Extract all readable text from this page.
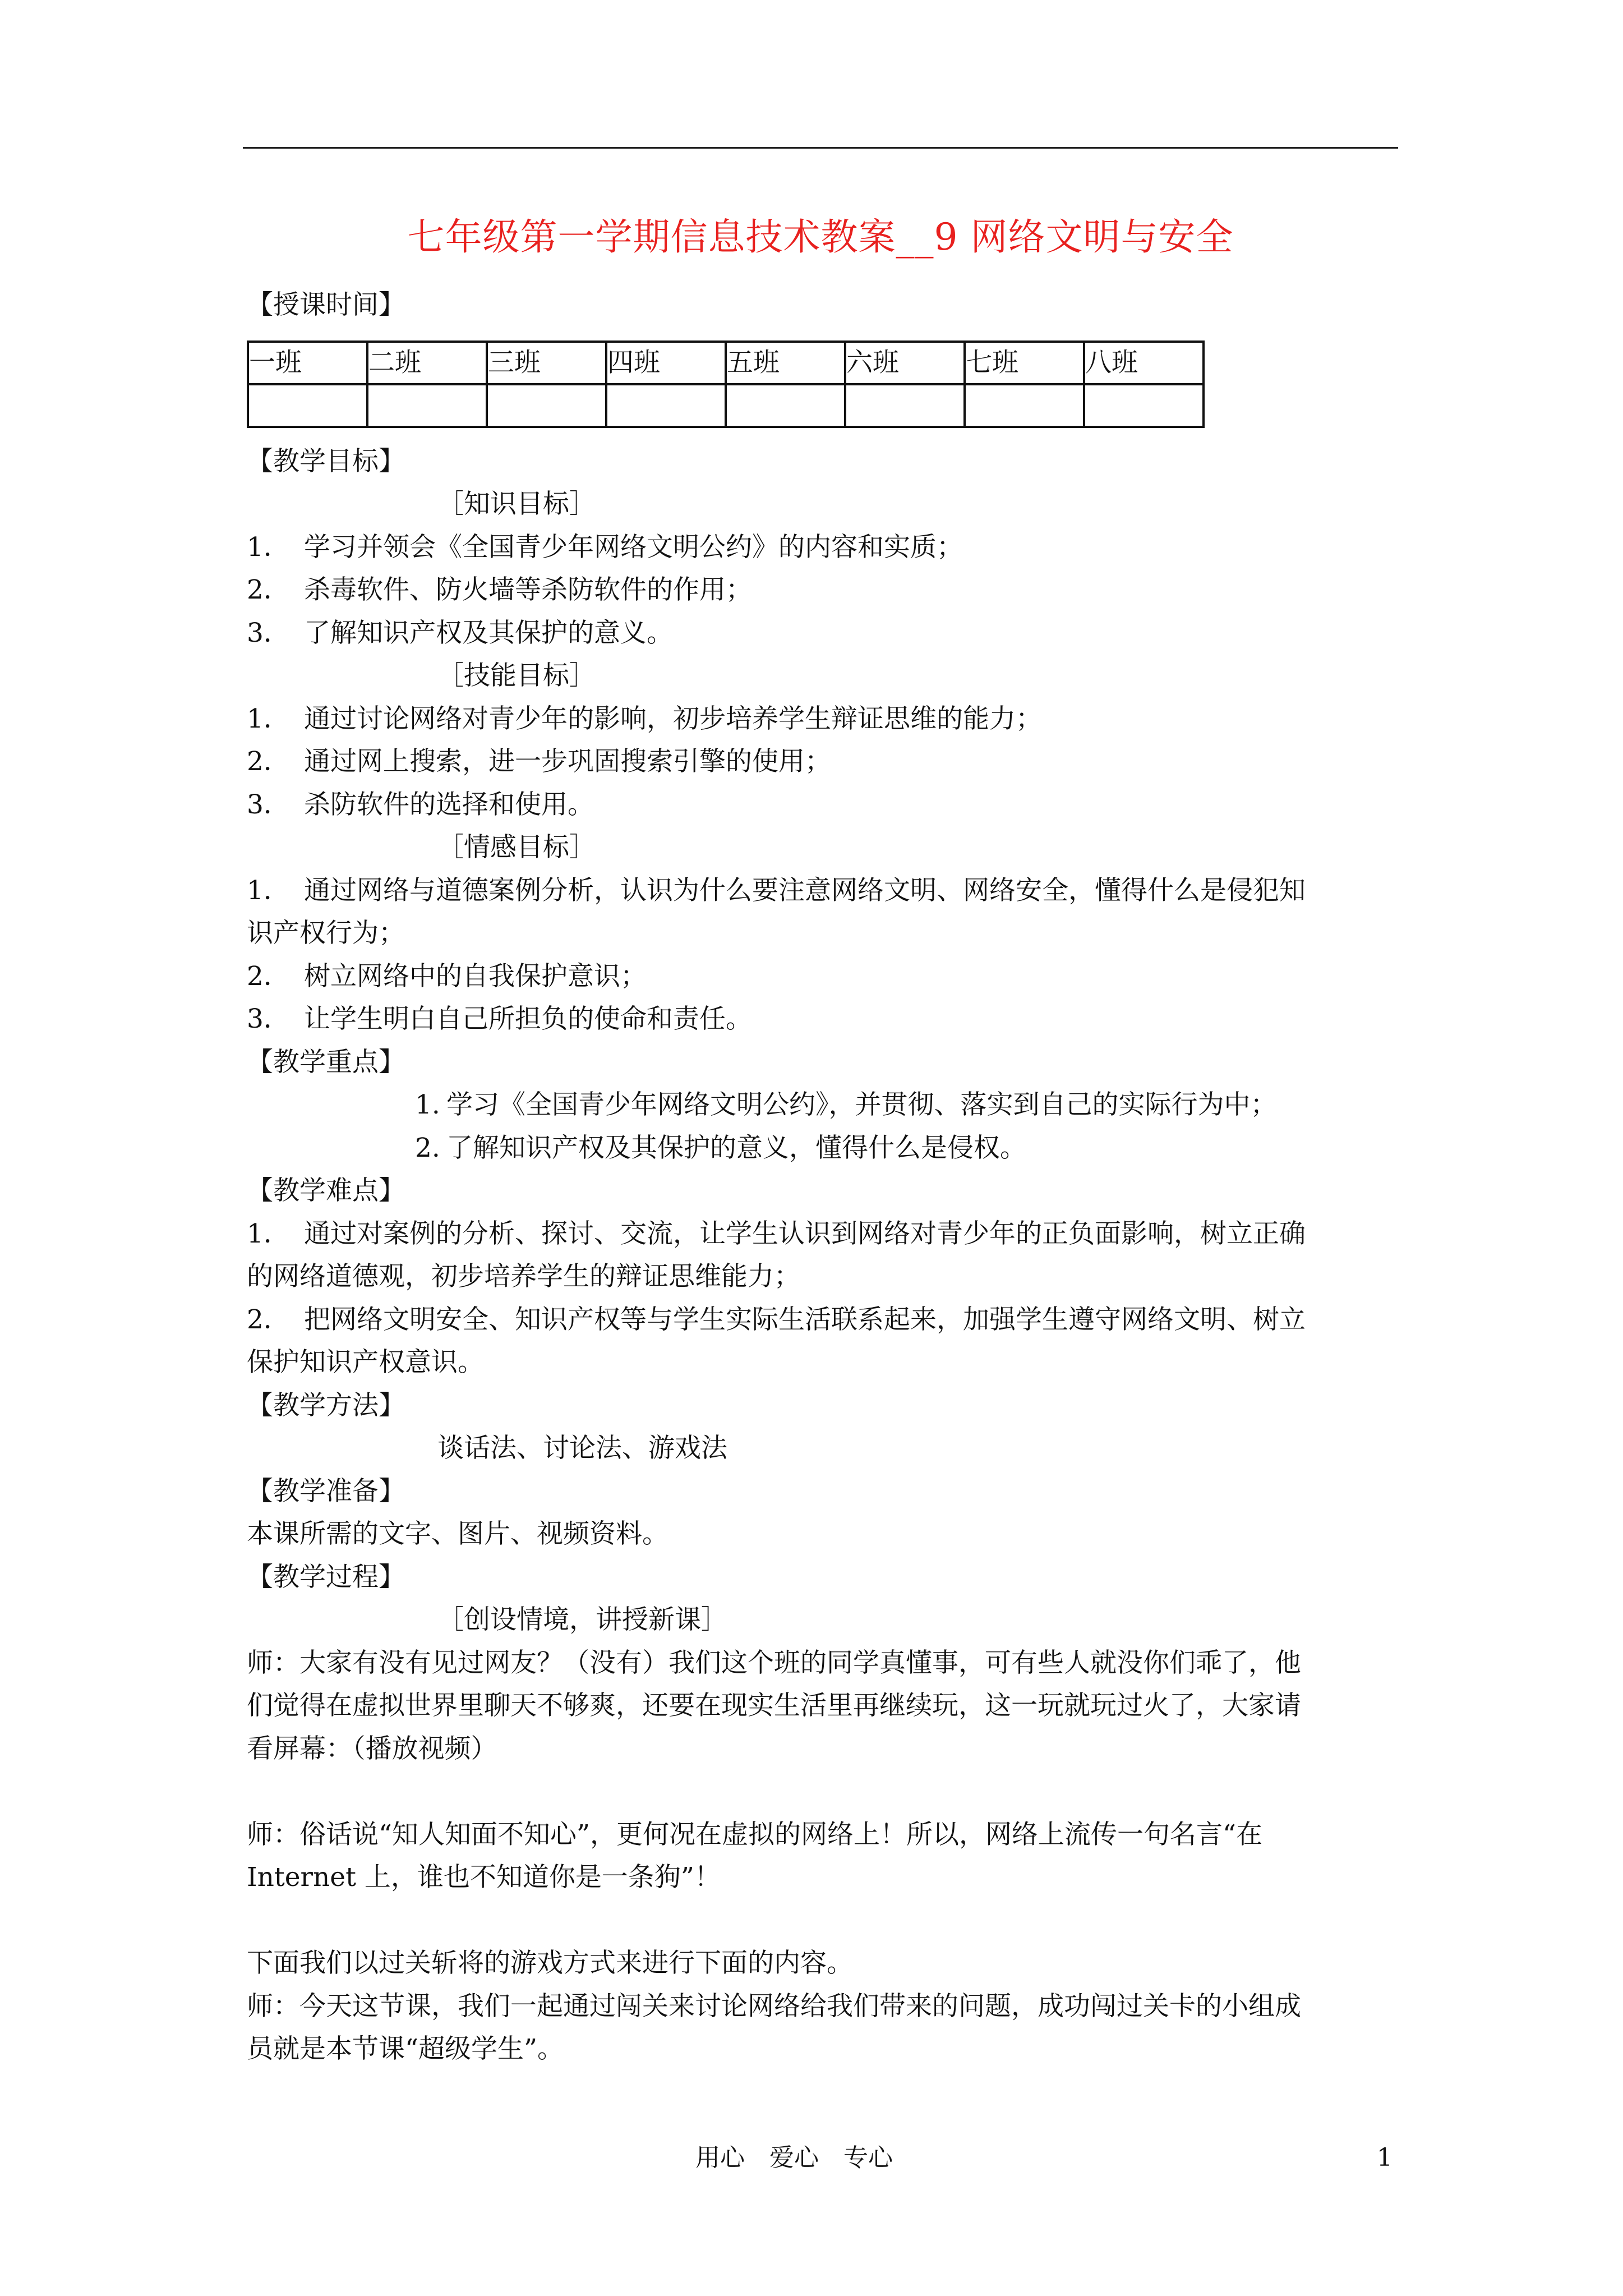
七年级第一学期信息技术教案__9 网络文明与安全
【授课时间】
一班	二班	三班	四班	五班	六班	七班	八班

【教学目标】
［知识目标］
1． 学习并领会《全国青少年网络文明公约》的内容和实质；
2． 杀毒软件、防火墙等杀防软件的作用；
3． 了解知识产权及其保护的意义。
［技能目标］
1． 通过讨论网络对青少年的影响，初步培养学生辩证思维的能力；
2． 通过网上搜索，进一步巩固搜索引擎的使用；
3． 杀防软件的选择和使用。
［情感目标］
1． 通过网络与道德案例分析，认识为什么要注意网络文明、网络安全，懂得什么是侵犯知
识产权行为；
2． 树立网络中的自我保护意识；
3． 让学生明白自己所担负的使命和责任。
【教学重点】
1. 学习《全国青少年网络文明公约》，并贯彻、落实到自己的实际行为中；
2. 了解知识产权及其保护的意义，懂得什么是侵权。
【教学难点】
1． 通过对案例的分析、探讨、交流，让学生认识到网络对青少年的正负面影响，树立正确
的网络道德观，初步培养学生的辩证思维能力；
2． 把网络文明安全、知识产权等与学生实际生活联系起来，加强学生遵守网络文明、树立
保护知识产权意识。
【教学方法】
谈话法、讨论法、游戏法
【教学准备】
本课所需的文字、图片、视频资料。
【教学过程】
［创设情境，讲授新课］
师：大家有没有见过网友？（没有）我们这个班的同学真懂事，可有些人就没你们乖了，他
们觉得在虚拟世界里聊天不够爽，还要在现实生活里再继续玩，这一玩就玩过火了，大家请
看屏幕：（播放视频）
师：俗话说“知人知面不知心”，更何况在虚拟的网络上！所以，网络上流传一句名言“在
Internet 上，谁也不知道你是一条狗”！
下面我们以过关斩将的游戏方式来进行下面的内容。
师：今天这节课，我们一起通过闯关来讨论网络给我们带来的问题，成功闯过关卡的小组成
员就是本节课“超级学生”。
用心　爱心　专心	1
